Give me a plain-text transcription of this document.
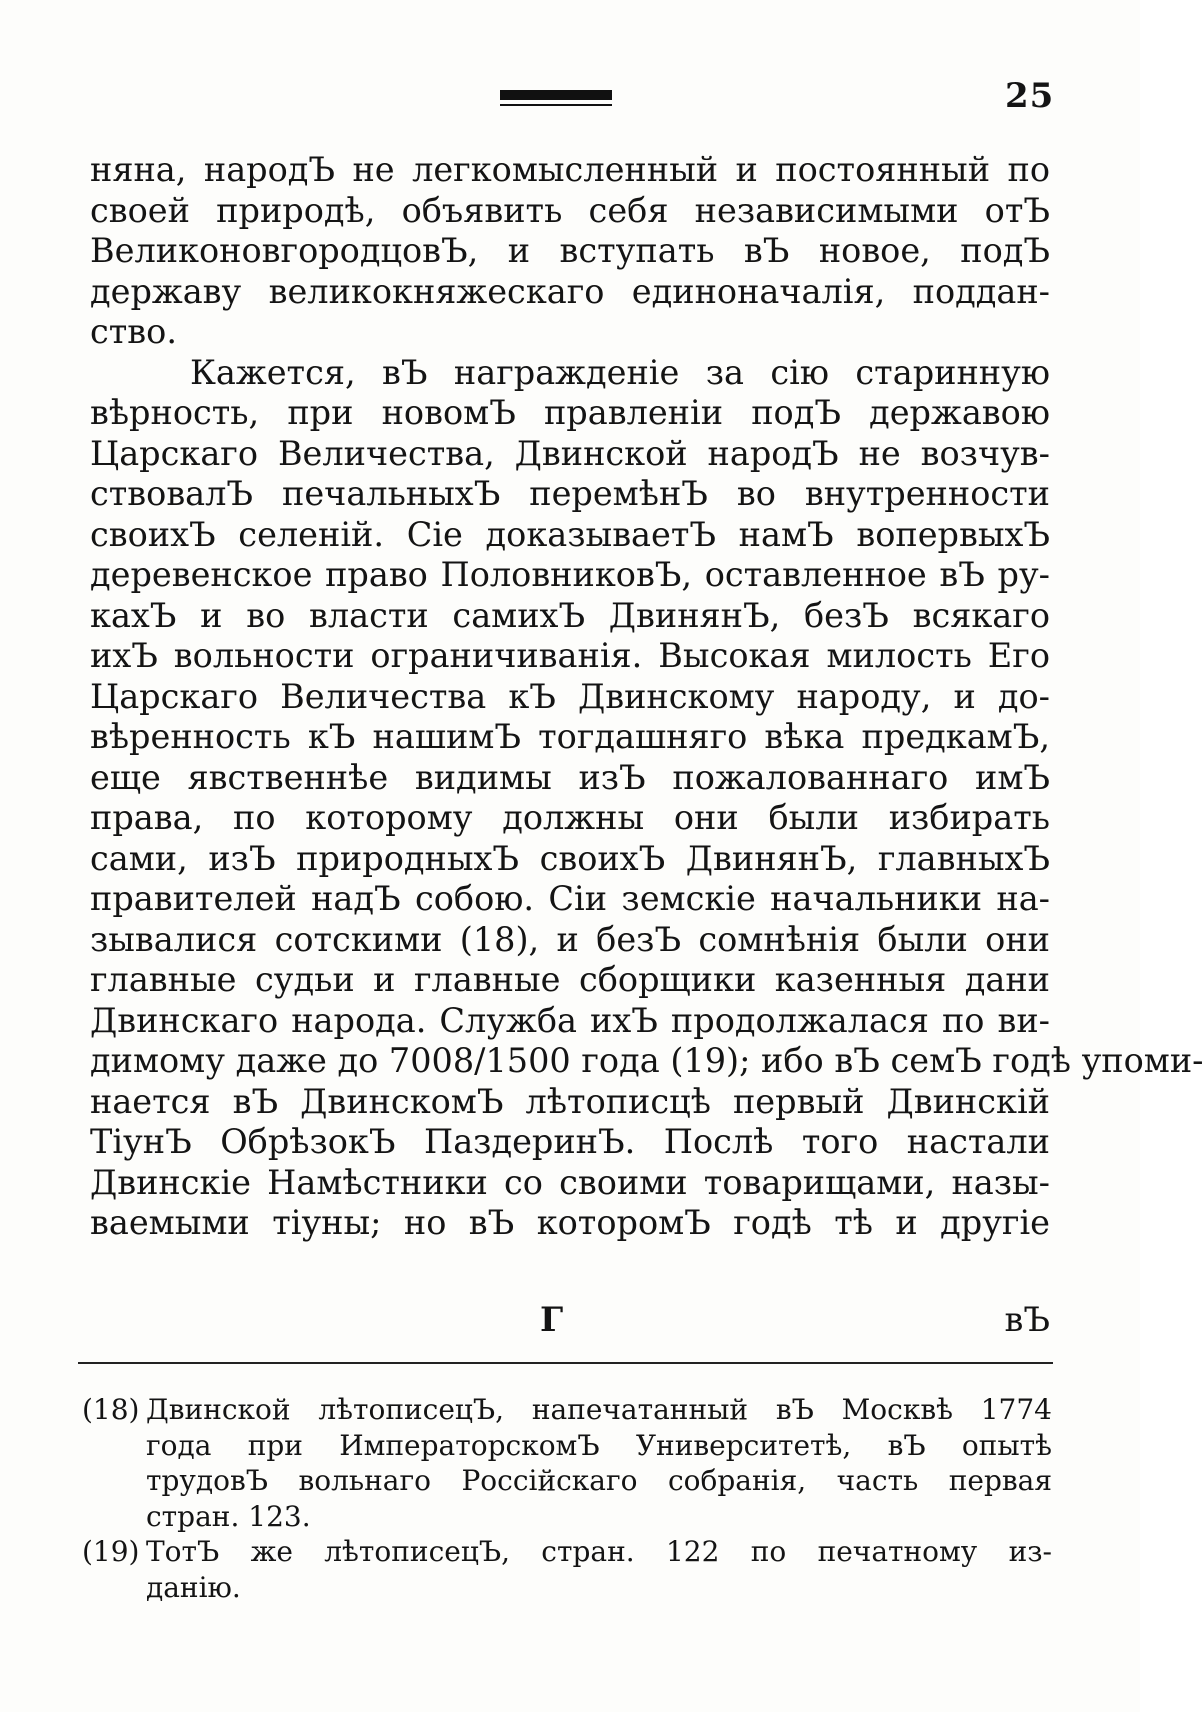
25
няна, народЪ не легкомысленный и постоянный по
своей природѣ, объявить себя независимыми отЪ
ВеликоновгородцовЪ, и вступать вЪ новое, подЪ
державу великокняжескаго единоначалія, поддан-
ство.
Кажется, вЪ награжденіе за сію старинную
вѣрность, при новомЪ правленіи подЪ державою
Царскаго Величества, Двинской народЪ не возчув-
ствовалЪ печальныхЪ перемѣнЪ во внутренности
своихЪ селеній. Сіе доказываетЪ намЪ вопервыхЪ
деревенское право ПоловниковЪ, оставленное вЪ ру-
кахЪ и во власти самихЪ ДвинянЪ, безЪ всякаго
ихЪ вольности ограничиванія. Высокая милость Его
Царскаго Величества кЪ Двинскому народу, и до-
вѣренность кЪ нашимЪ тогдашняго вѣка предкамЪ,
еще явственнѣе видимы изЪ пожалованнаго имЪ
права, по которому должны они были избирать
сами, изЪ природныхЪ своихЪ ДвинянЪ, главныхЪ
правителей надЪ собою. Сіи земскіе начальники на-
зывалися сотскими (18), и безЪ сомнѣнія были они
главные судьи и главные сборщики казенныя дани
Двинскаго народа. Служба ихЪ продолжалася по ви-
димому даже до 7008/1500 года (19); ибо вЪ семЪ годѣ упоми-
нается вЪ ДвинскомЪ лѣтописцѣ первый Двинскій
ТіунЪ ОбрѣзокЪ ПаздеринЪ. Послѣ того настали
Двинскіе Намѣстники со своими товарищами, назы-
ваемыми тіуны; но вЪ которомЪ годѣ тѣ и другіе
Г	вЪ
(18) Двинской лѣтописецЪ, напечатанный вЪ Москвѣ 1774
года при ИмператорскомЪ Университетѣ, вЪ опытѣ
трудовЪ вольнаго Россійскаго собранія, часть первая
стран. 123.
(19) ТотЪ же лѣтописецЪ, стран. 122 по печатному из-
данію.
